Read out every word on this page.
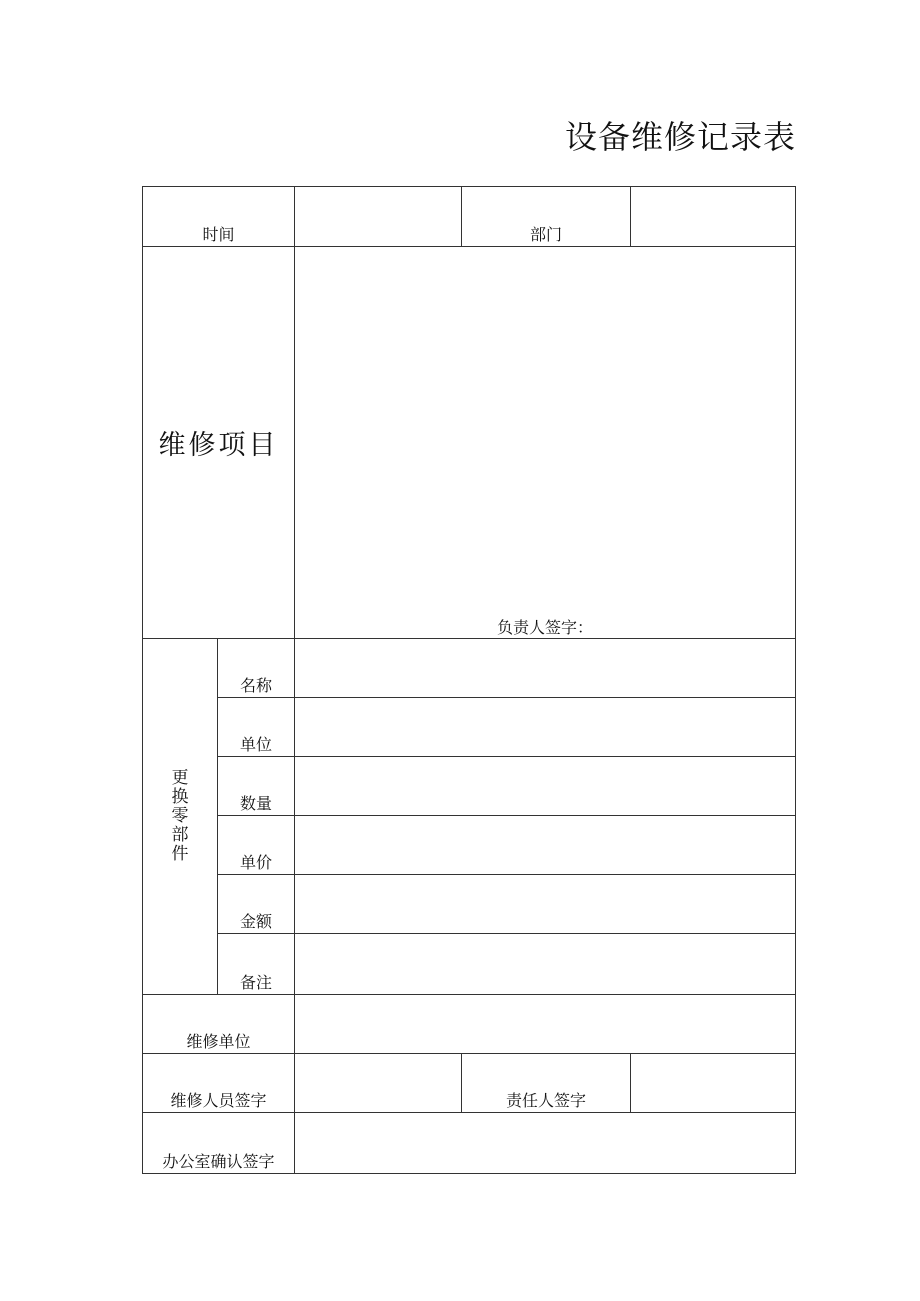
设备维修记录表
时间			部门	

维修项目		负责人签字：		

更换零部件	名称			

	单位			

	数量			

	单价			

	金额			

	备注			

维修单位				

维修人员签字			责任人签字	

办公室确认签字				
